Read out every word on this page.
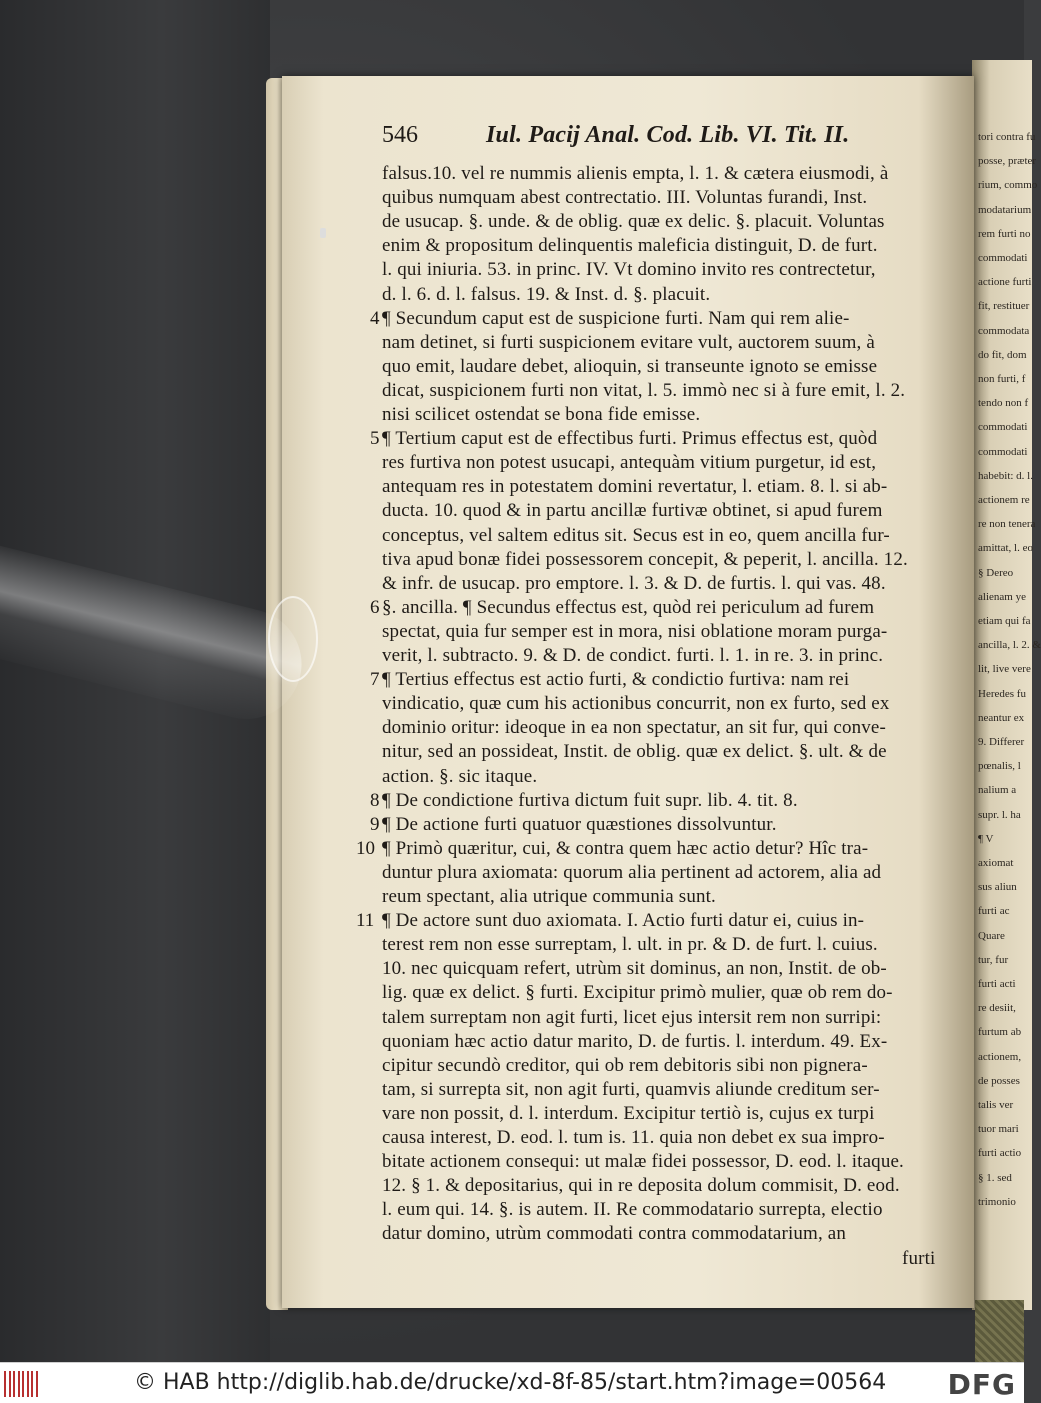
tori contra fu
posse, præter
rium, commo
modatarium
rem furti no
commodati
actione furti
fit, restituer
commodata
do fit, dom
non furti, f
tendo non f
commodati
commodati
habebit: d. l.
actionem re
re non tenera
amittat, l. eo
§ Dereo
alienam ye
etiam qui fa
ancilla, l. 2. &
lit, live vere
Heredes fu
neantur ex
9. Differer
pœnalis, l
nalium a
supr. l. ha
¶ V
axiomat
sus aliun
furti ac
Quare
tur, fur
furti acti
re desiit,
furtum ab
actionem,
de posses
talis ver
tuor mari
furti actio
§ 1. sed
trimonio
546	Iul. Pacij Anal. Cod. Lib. VI. Tit. II.
falsus.10. vel re nummis alienis empta, l. 1. & cætera eiusmodi, à
quibus numquam abest contrectatio. III. Voluntas furandi, Inst.
de usucap. §. unde. & de oblig. quæ ex delic. §. placuit. Voluntas
enim & propositum delinquentis maleficia distinguit, D. de furt.
l. qui iniuria. 53. in princ. IV. Vt domino invito res contrectetur,
d. l. 6. d. l. falsus. 19. & Inst. d. §. placuit.
¶ Secundum caput est de suspicione furti. Nam qui rem alie-
nam detinet, si furti suspicionem evitare vult, auctorem suum, à
quo emit, laudare debet, alioquin, si transeunte ignoto se emisse
dicat, suspicionem furti non vitat, l. 5. immò nec si à fure emit, l. 2.
nisi scilicet ostendat se bona fide emisse.
¶ Tertium caput est de effectibus furti. Primus effectus est, quòd
res furtiva non potest usucapi, antequàm vitium purgetur, id est,
antequam res in potestatem domini revertatur, l. etiam. 8. l. si ab-
ducta. 10. quod & in partu ancillæ furtivæ obtinet, si apud furem
conceptus, vel saltem editus sit. Secus est in eo, quem ancilla fur-
tiva apud bonæ fidei possessorem concepit, & peperit, l. ancilla. 12.
& infr. de usucap. pro emptore. l. 3. & D. de furtis. l. qui vas. 48.
§. ancilla. ¶ Secundus effectus est, quòd rei periculum ad furem
spectat, quia fur semper est in mora, nisi oblatione moram purga-
verit, l. subtracto. 9. & D. de condict. furti. l. 1. in re. 3. in princ.
¶ Tertius effectus est actio furti, & condictio furtiva: nam rei
vindicatio, quæ cum his actionibus concurrit, non ex furto, sed ex
dominio oritur: ideoque in ea non spectatur, an sit fur, qui conve-
nitur, sed an possideat, Instit. de oblig. quæ ex delict. §. ult. & de
action. §. sic itaque.
¶ De condictione furtiva dictum fuit supr. lib. 4. tit. 8.
¶ De actione furti quatuor quæstiones dissolvuntur.
¶ Primò quæritur, cui, & contra quem hæc actio detur? Hîc tra-
duntur plura axiomata: quorum alia pertinent ad actorem, alia ad
reum spectant, alia utrique communia sunt.
¶ De actore sunt duo axiomata. I. Actio furti datur ei, cuius in-
terest rem non esse surreptam, l. ult. in pr. & D. de furt. l. cuius.
10. nec quicquam refert, utrùm sit dominus, an non, Instit. de ob-
lig. quæ ex delict. § furti. Excipitur primò mulier, quæ ob rem do-
talem surreptam non agit furti, licet ejus intersit rem non surripi:
quoniam hæc actio datur marito, D. de furtis. l. interdum. 49. Ex-
cipitur secundò creditor, qui ob rem debitoris sibi non pignera-
tam, si surrepta sit, non agit furti, quamvis aliunde creditum ser-
vare non possit, d. l. interdum. Excipitur tertiò is, cujus ex turpi
causa interest, D. eod. l. tum is. 11. quia non debet ex sua impro-
bitate actionem consequi: ut malæ fidei possessor, D. eod. l. itaque.
12. § 1. & depositarius, qui in re deposita dolum commisit, D. eod.
l. eum qui. 14. §. is autem. II. Re commodatario surrepta, electio
datur domino, utrùm commodati contra commodatarium, an
furti
4
5
6
7
8
9
10
11
© HAB http://diglib.hab.de/drucke/xd-8f-85/start.htm?image=00564 DFG
